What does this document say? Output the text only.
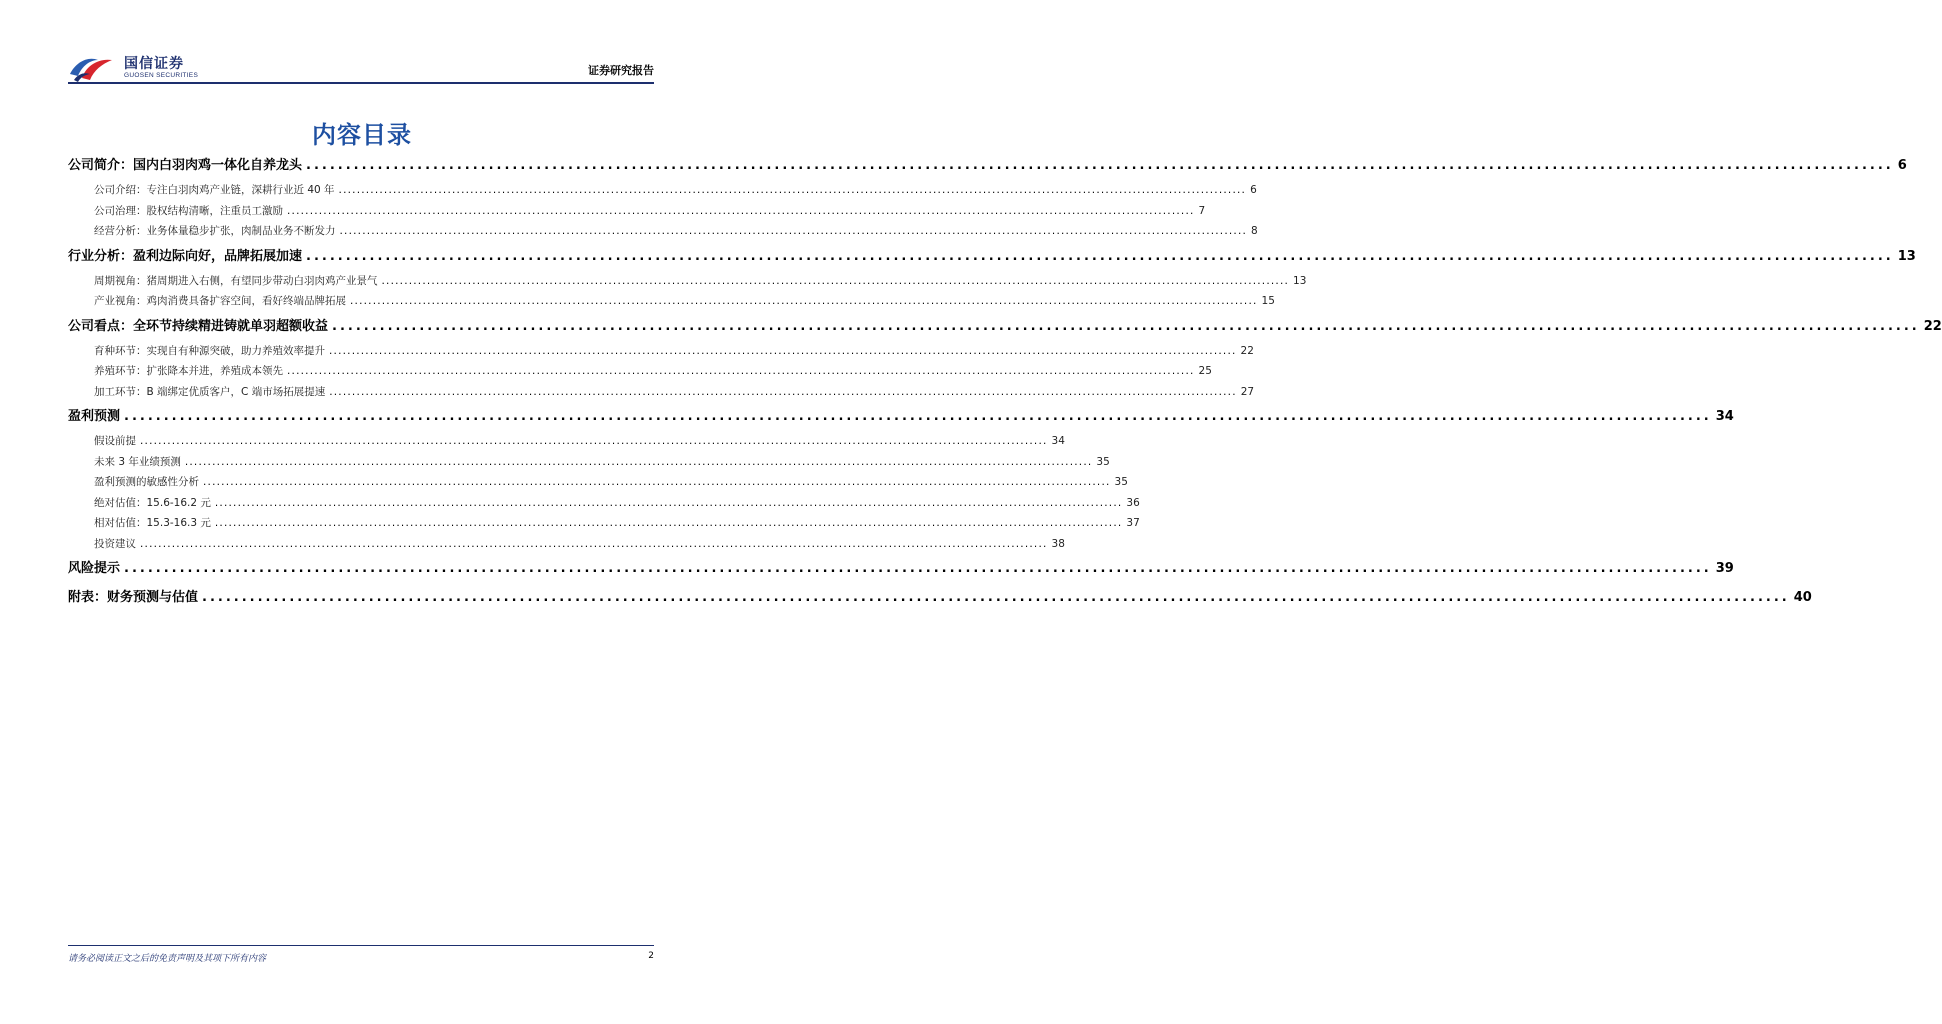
国信证券
GUOSEN SECURITIES	证券研究报告
内容目录
公司简介：国内白羽肉鸡一体化自养龙头 ........................................................................................................................................................................................................ 6
公司介绍：专注白羽肉鸡产业链，深耕行业近 40 年 ........................................................................................................................................................................................................ 6
公司治理：股权结构清晰，注重员工激励 ........................................................................................................................................................................................................ 7
经营分析：业务体量稳步扩张，肉制品业务不断发力 ........................................................................................................................................................................................................ 8
行业分析：盈利边际向好，品牌拓展加速 ........................................................................................................................................................................................................ 13
周期视角：猪周期进入右侧，有望同步带动白羽肉鸡产业景气 ........................................................................................................................................................................................................ 13
产业视角：鸡肉消费具备扩容空间，看好终端品牌拓展 ........................................................................................................................................................................................................ 15
公司看点：全环节持续精进铸就单羽超额收益 ........................................................................................................................................................................................................ 22
育种环节：实现自有种源突破，助力养殖效率提升 ........................................................................................................................................................................................................ 22
养殖环节：扩张降本并进，养殖成本领先 ........................................................................................................................................................................................................ 25
加工环节：B 端绑定优质客户，C 端市场拓展提速 ........................................................................................................................................................................................................ 27
盈利预测 ........................................................................................................................................................................................................ 34
假设前提 ........................................................................................................................................................................................................ 34
未来 3 年业绩预测 ........................................................................................................................................................................................................ 35
盈利预测的敏感性分析 ........................................................................................................................................................................................................ 35
绝对估值：15.6-16.2 元 ........................................................................................................................................................................................................ 36
相对估值：15.3-16.3 元 ........................................................................................................................................................................................................ 37
投资建议 ........................................................................................................................................................................................................ 38
风险提示 ........................................................................................................................................................................................................ 39
附表：财务预测与估值 ........................................................................................................................................................................................................ 40
请务必阅读正文之后的免责声明及其项下所有内容	2
